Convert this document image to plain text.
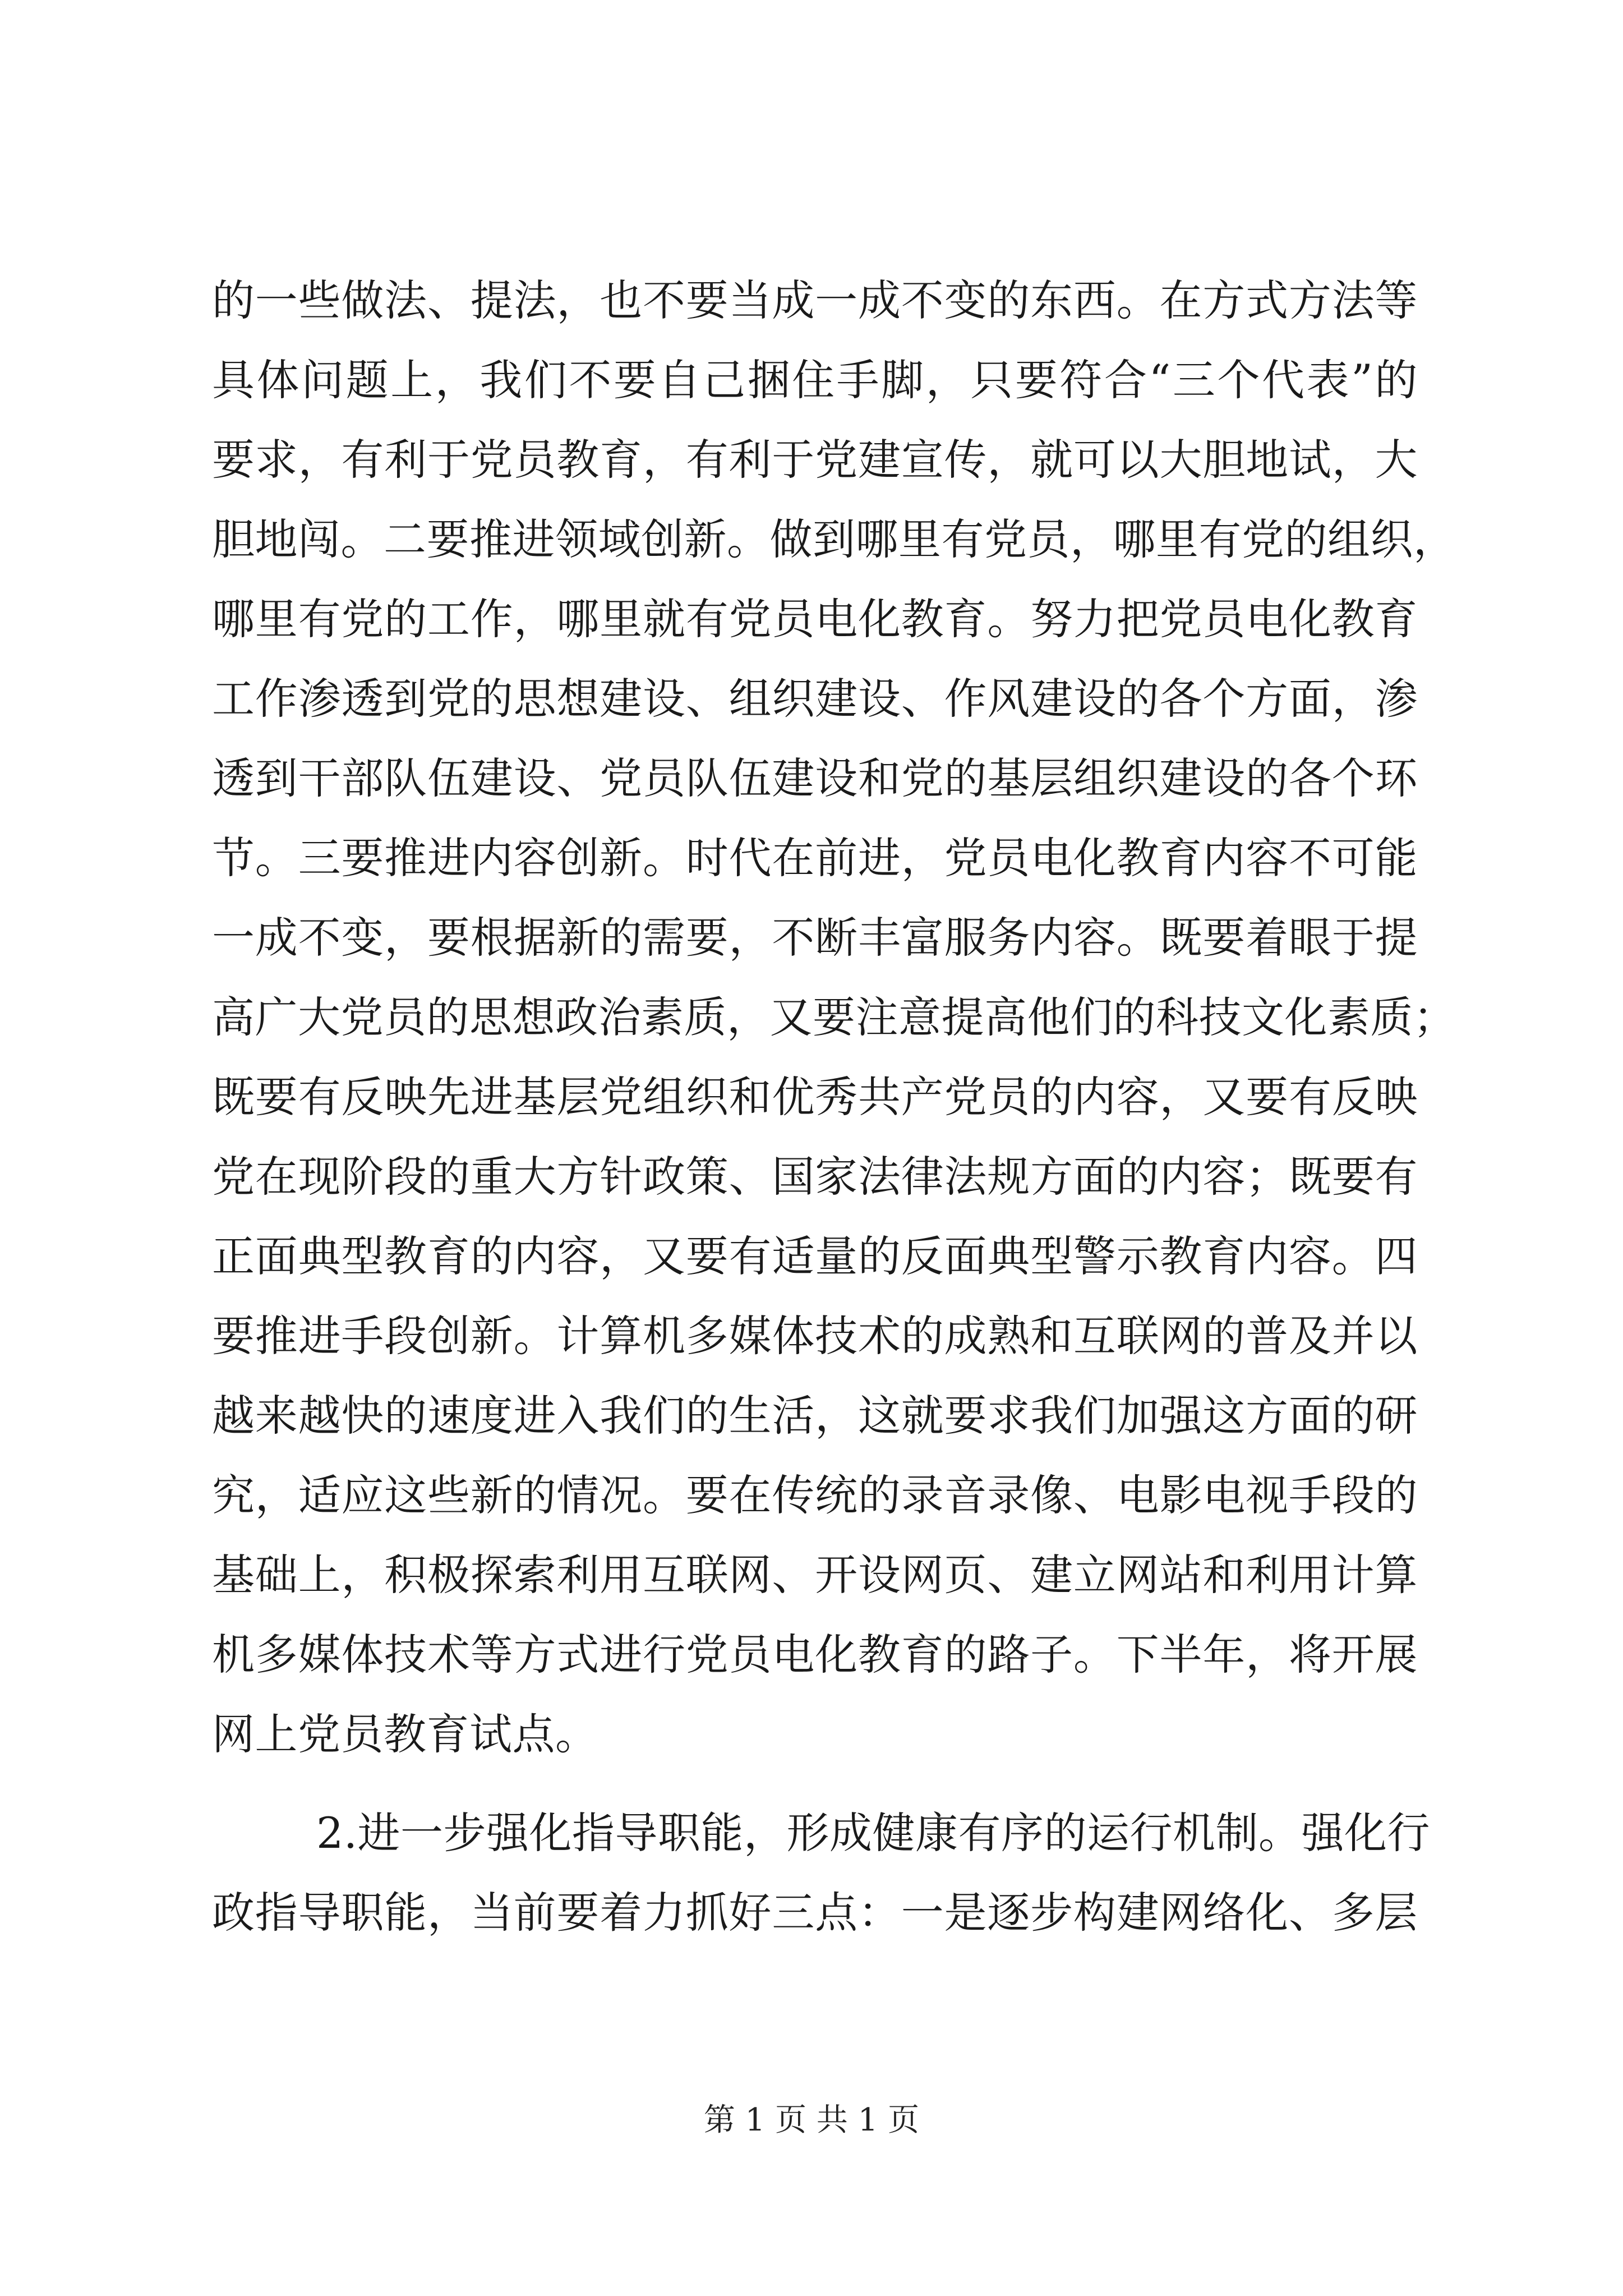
的一些做法、提法，也不要当成一成不变的东西。在方式方法等
具体问题上，我们不要自己捆住手脚，只要符合“三个代表”的
要求，有利于党员教育，有利于党建宣传，就可以大胆地试，大
胆地闯。二要推进领域创新。做到哪里有党员，哪里有党的组织，
哪里有党的工作，哪里就有党员电化教育。努力把党员电化教育
工作渗透到党的思想建设、组织建设、作风建设的各个方面，渗
透到干部队伍建设、党员队伍建设和党的基层组织建设的各个环
节。三要推进内容创新。时代在前进，党员电化教育内容不可能
一成不变，要根据新的需要，不断丰富服务内容。既要着眼于提
高广大党员的思想政治素质，又要注意提高他们的科技文化素质；
既要有反映先进基层党组织和优秀共产党员的内容，又要有反映
党在现阶段的重大方针政策、国家法律法规方面的内容；既要有
正面典型教育的内容，又要有适量的反面典型警示教育内容。四
要推进手段创新。计算机多媒体技术的成熟和互联网的普及并以
越来越快的速度进入我们的生活，这就要求我们加强这方面的研
究，适应这些新的情况。要在传统的录音录像、电影电视手段的
基础上，积极探索利用互联网、开设网页、建立网站和利用计算
机多媒体技术等方式进行党员电化教育的路子。下半年，将开展
网上党员教育试点。
2.进一步强化指导职能，形成健康有序的运行机制。强化行
政指导职能，当前要着力抓好三点：一是逐步构建网络化、多层
第 1 页 共 1 页
